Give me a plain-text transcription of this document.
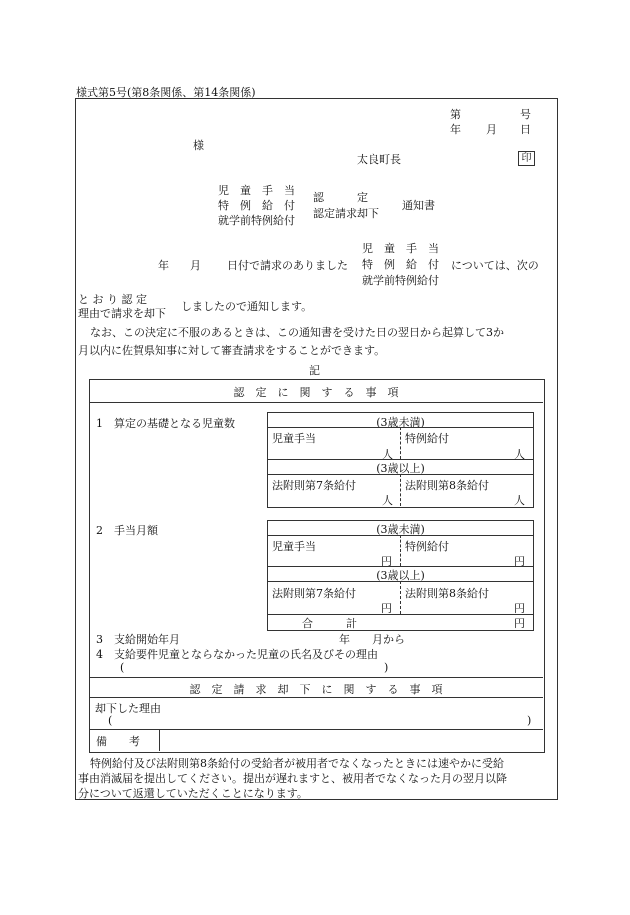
様式第5号(第8条関係、第14条関係)
第	号
年 月 日
様
太良町長	印
児　童　手　当
特　例　給　付
就学前特例給付
認　　　定
認定請求却下
通知書
年 月 日付で請求のありました
児　童　手　当
特　例　給　付
就学前特例給付
については、次の
と お り 認 定
理由で請求を却下
しましたので通知します。
なお、この決定に不服のあるときは、この通知書を受けた日の翌日から起算して3か
月以内に佐賀県知事に対して審査請求をすることができます。
記
認　定　に　関　す　る　事　項
1　算定の基礎となる児童数	(3歳未満)
児童手当	特例給付
人	人
(3歳以上)
法附則第7条給付	法附則第8条給付
人	人
2　手当月額	(3歳未満)
児童手当	特例給付
円	円
(3歳以上)
法附則第7条給付	法附則第8条給付
円	円
合　　　計	円
3　支給開始年月	年　　月から
4　支給要件児童とならなかった児童の氏名及びその理由
(	)
認　定　請　求　却　下　に　関　す　る　事　項
却下した理由
(	)
備　　考
特例給付及び法附則第8条給付の受給者が被用者でなくなったときには速やかに受給
事由消滅届を提出してください。提出が遅れますと、被用者でなくなった月の翌月以降
分について返還していただくことになります。
